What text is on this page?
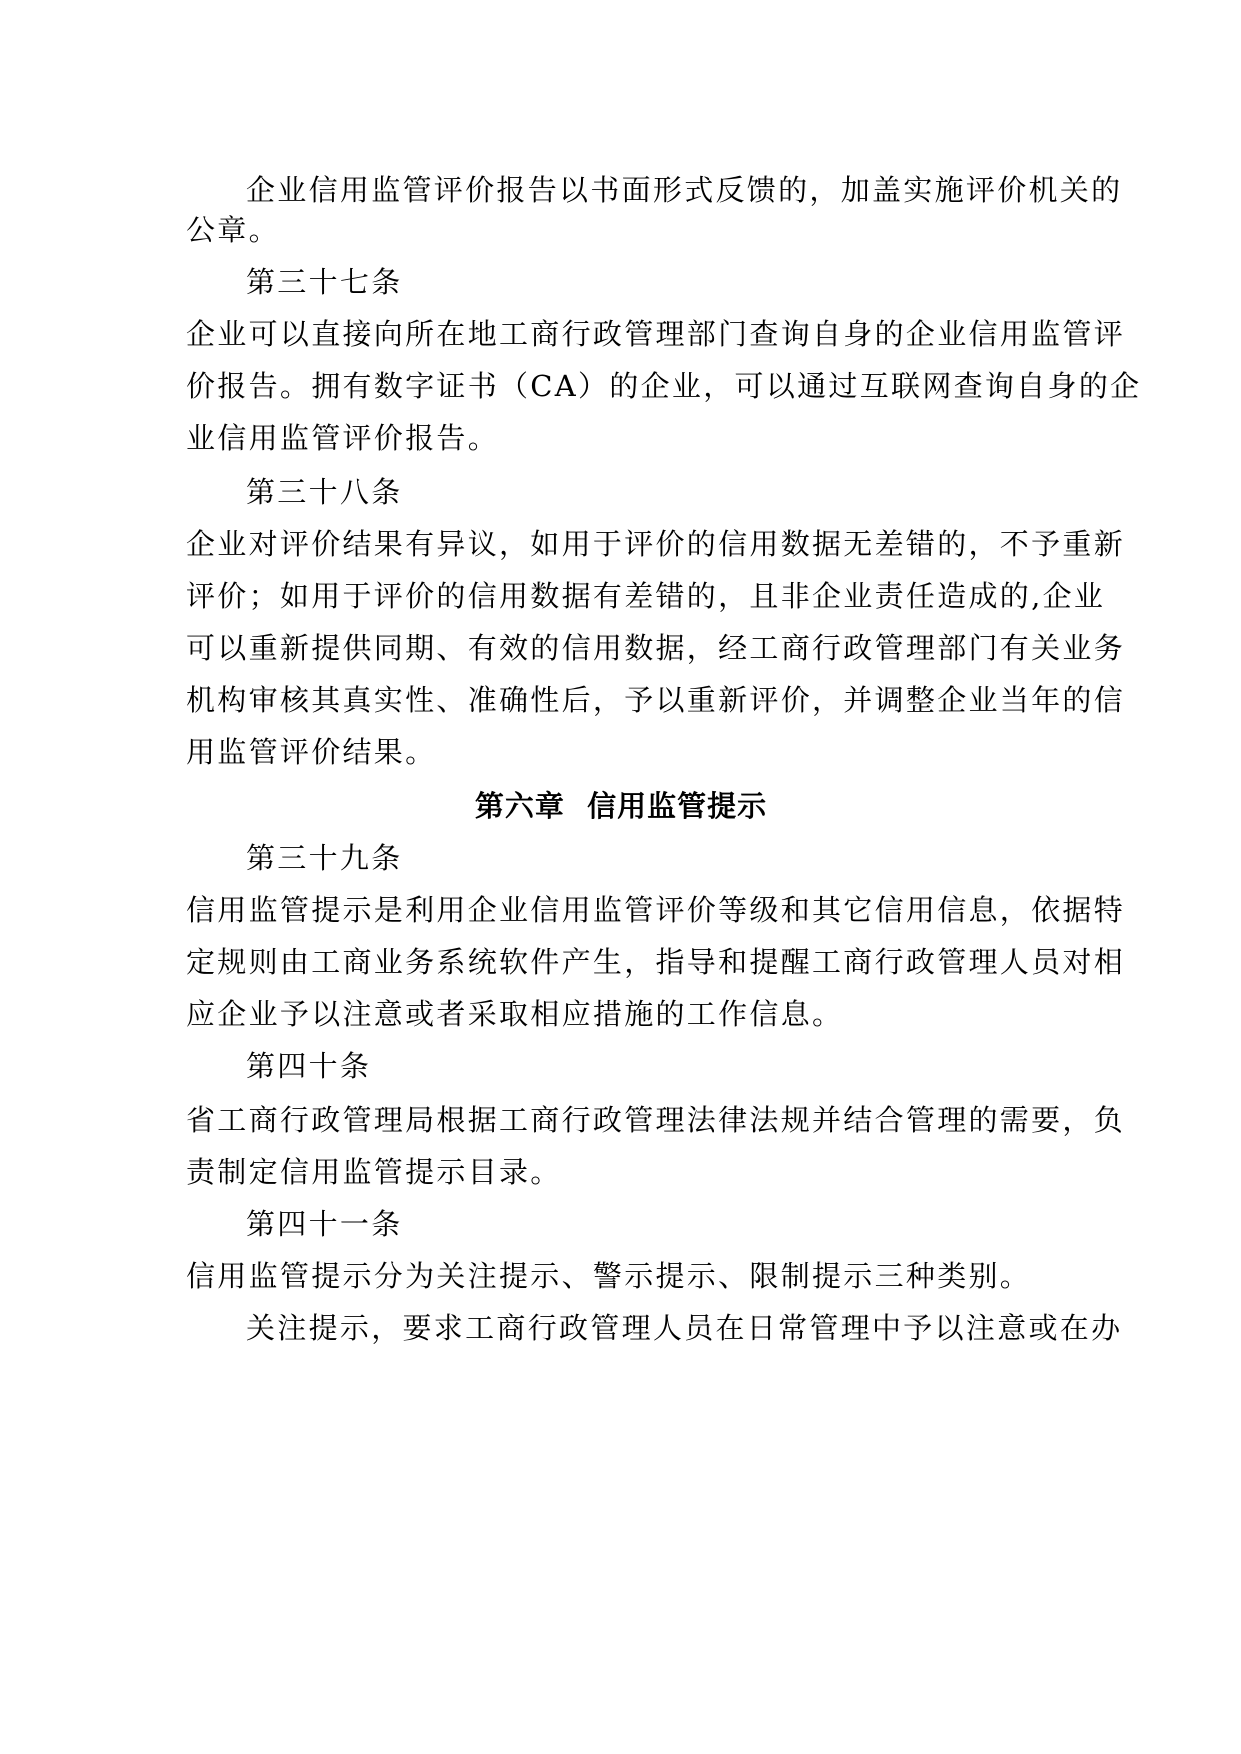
企业信用监管评价报告以书面形式反馈的，加盖实施评价机关的
公章。
第三十七条
企业可以直接向所在地工商行政管理部门查询自身的企业信用监管评
价报告。拥有数字证书（CA）的企业，可以通过互联网查询自身的企
业信用监管评价报告。
第三十八条
企业对评价结果有异议，如用于评价的信用数据无差错的，不予重新
评价；如用于评价的信用数据有差错的，且非企业责任造成的,企业
可以重新提供同期、有效的信用数据，经工商行政管理部门有关业务
机构审核其真实性、准确性后，予以重新评价，并调整企业当年的信
用监管评价结果。
第六章  信用监管提示
第三十九条
信用监管提示是利用企业信用监管评价等级和其它信用信息，依据特
定规则由工商业务系统软件产生，指导和提醒工商行政管理人员对相
应企业予以注意或者采取相应措施的工作信息。
第四十条
省工商行政管理局根据工商行政管理法律法规并结合管理的需要，负
责制定信用监管提示目录。
第四十一条
信用监管提示分为关注提示、警示提示、限制提示三种类别。
关注提示，要求工商行政管理人员在日常管理中予以注意或在办
